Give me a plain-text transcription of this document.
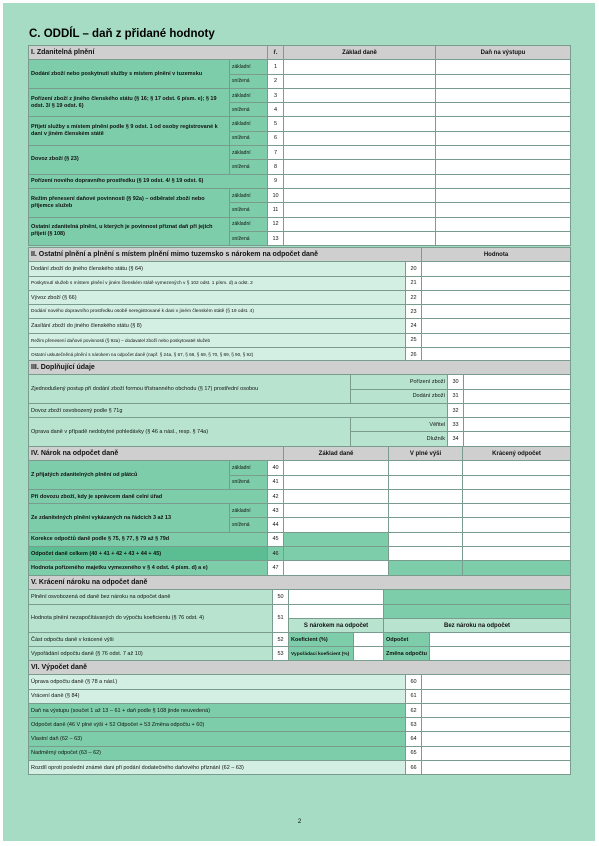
C. ODDÍL – daň z přidané hodnoty
I. Zdanitelná plnění		ř.	Základ daně	Daň na výstupu
Dodání zboží nebo poskytnutí služby s místem plnění v tuzemsku	základní	1		
	snížená	2		
Pořízení zboží z jiného členského státu (§ 16; § 17 odst. 6 písm. e); § 19 odst. 3/ § 19 odst. 6)	základní	3		
	snížená	4		
Přijetí služby s místem plnění podle § 9 odst. 1 od osoby registrované k dani v jiném členském státě	základní	5		
	snížená	6		
Dovoz zboží (§ 23)	základní	7		
	snížená	8		
Pořízení nového dopravního prostředku (§ 19 odst. 4/ § 19 odst. 6)		9		
Režim přenesení daňové povinnosti (§ 92a) – odběratel zboží nebo příjemce služeb	základní	10		
	snížená	11		
Ostatní zdanitelná plnění, u kterých je povinnost přiznat daň při jejich přijetí (§ 108)	základní	12		
	snížená	13		
II. Ostatní plnění a plnění s místem plnění mimo tuzemsko s nárokem na odpočet daně		Hodnota
Dodání zboží do jiného členského státu (§ 64)	20	
Poskytnutí služeb s místem plnění v jiném členském státě vymezených v § 102 odst. 1 písm. d) a odst. 2	21	
Vývoz zboží (§ 66)	22	
Dodání nového dopravního prostředku osobě neregistrované k dani v jiném členském státě (§ 19 odst. 4)	23	
Zasílání zboží do jiného členského státu (§ 8)	24	
Režim přenesení daňové povinnosti (§ 92a) – dodavatel zboží nebo poskytovatel služeb	25	
Ostatní uskutečněná plnění s nárokem na odpočet daně (např. § 24a, § 67, § 68, § 69, § 70, § 89, § 90, § 92)	26	
III. Doplňující údaje			
Zjednodušený postup při dodání zboží formou třístranného obchodu (§ 17) prostřední osobou	Pořízení zboží	30	
	Dodání zboží	31	
Dovoz zboží osvobozený podle § 71g		32	
Oprava daně v případě nedobytné pohledávky (§ 46 a násl., resp. § 74a)	Věřitel	33	
	Dlužník	34	
IV. Nárok na odpočet daně			Základ daně	V plné výši	Krácený odpočet
Z přijatých zdanitelných plnění od plátců	základní	40			
	snížená	41			
Při dovozu zboží, kdy je správcem daně celní úřad		42			
Ze zdanitelných plnění vykázaných na řádcích 3 až 13	základní	43			
	snížená	44			
Korekce odpočtů daně podle § 75, § 77, § 79 až § 79d		45			
Odpočet daně celkem (40 + 41 + 42 + 43 + 44 + 45)		46			
Hodnota pořízeného majetku vymezeného v § 4 odst. 4 písm. d) a e)		47			
V. Krácení nároku na odpočet daně					
Plnění osvobozená od daně bez nároku na odpočet daně	50				
Hodnota plnění nezapočítávaných do výpočtu koeficientu (§ 76 odst. 4)	51				
		S nárokem na odpočet		Bez nároku na odpočet	
Část odpočtu daně v krácené výši	52	Koeficient (%)		Odpočet	
Vypořádání odpočtu daně (§ 76 odst. 7 až 10)	53	Vypořádací koeficient (%)		Změna odpočtu	
VI. Výpočet daně		
Úprava odpočtu daně (§ 78 a násl.)	60	
Vrácení daně (§ 84)	61	
Daň na výstupu (součet 1 až 13 – 61 + daň podle § 108 jinde neuvedená)	62	
Odpočet daně (46 V plné výši + 52 Odpočet + 53 Změna odpočtu + 60)	63	
Vlastní daň (62 – 63)	64	
Nadměrný odpočet (63 – 62)	65	
Rozdíl oproti poslední známé dani při podání dodatečného daňového přiznání (62 – 63)	66	
2
